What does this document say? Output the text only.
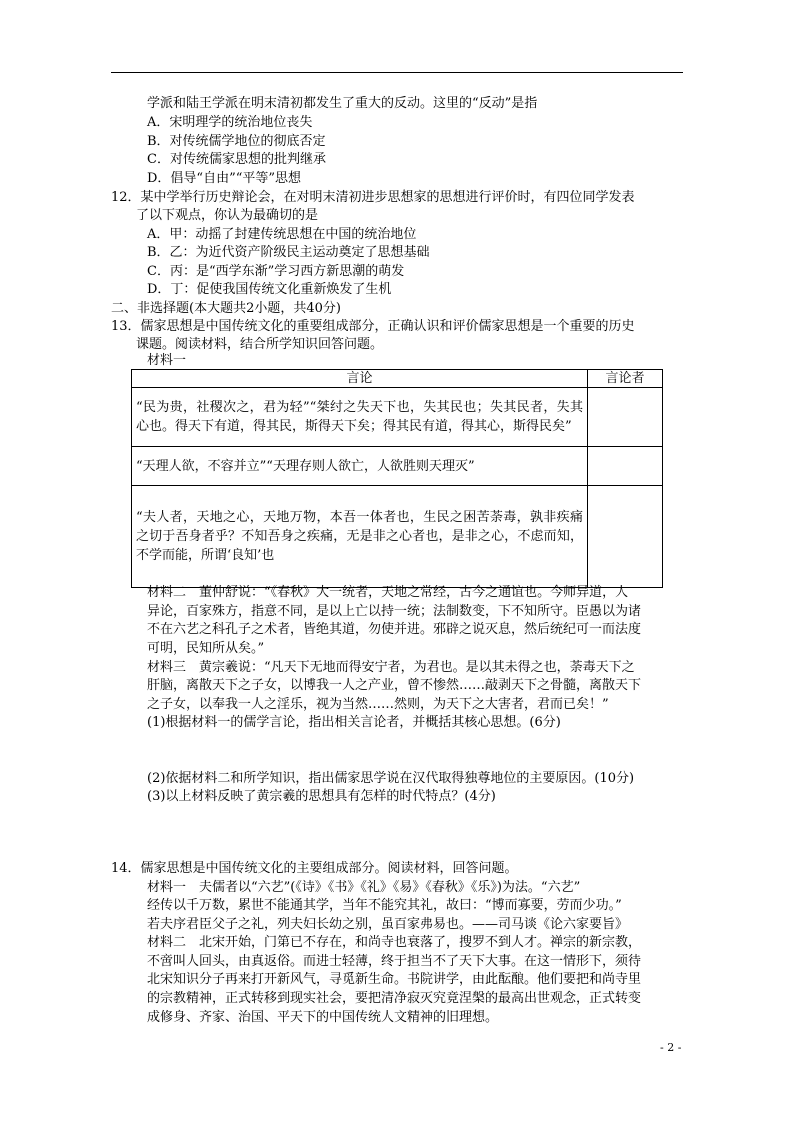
学派和陆王学派在明末清初都发生了重大的反动。这里的“反动”是指
A．宋明理学的统治地位丧失
B．对传统儒学地位的彻底否定
C．对传统儒家思想的批判继承
D．倡导“自由”“平等”思想
12．某中学举行历史辩论会，在对明末清初进步思想家的思想进行评价时，有四位同学发表
了以下观点，你认为最确切的是
A．甲：动摇了封建传统思想在中国的统治地位
B．乙：为近代资产阶级民主运动奠定了思想基础
C．丙：是“西学东渐”学习西方新思潮的萌发
D．丁：促使我国传统文化重新焕发了生机
二、非选择题(本大题共2小题，共40分)
13．儒家思想是中国传统文化的重要组成部分，正确认识和评价儒家思想是一个重要的历史
课题。阅读材料，结合所学知识回答问题。
材料一
言论	言论者
“民为贵，社稷次之，君为轻”“桀纣之失天下也，失其民也；失其民者，失其心也。得天下有道，得其民，斯得天下矣；得其民有道，得其心，斯得民矣”	
“天理人欲，不容并立”“天理存则人欲亡，人欲胜则天理灭”	
“夫人者，天地之心，天地万物，本吾一体者也，生民之困苦荼毒，孰非疾痛之切于吾身者乎？不知吾身之疾痛，无是非之心者也，是非之心，不虑而知，不学而能，所谓‘良知’也	
材料二　董仲舒说：“《春秋》大一统者，天地之常经，古今之通谊也。今师异道，人
异论，百家殊方，指意不同，是以上亡以持一统；法制数变，下不知所守。臣愚以为诸
不在六艺之科孔子之术者，皆绝其道，勿使并进。邪辟之说灭息，然后统纪可一而法度
可明，民知所从矣。”
材料三　黄宗羲说：“凡天下无地而得安宁者，为君也。是以其未得之也，荼毒天下之
肝脑，离散天下之子女，以博我一人之产业，曾不惨然……敲剥天下之骨髓，离散天下
之子女，以奉我一人之淫乐，视为当然……然则，为天下之大害者，君而已矣！”
(1)根据材料一的儒学言论，指出相关言论者，并概括其核心思想。(6分)
(2)依据材料二和所学知识，指出儒家思学说在汉代取得独尊地位的主要原因。(10分)
(3)以上材料反映了黄宗羲的思想具有怎样的时代特点？(4分)
14．儒家思想是中国传统文化的主要组成部分。阅读材料，回答问题。
材料一　夫儒者以“六艺”(《诗》《书》《礼》《易》《春秋》《乐》)为法。“六艺”
经传以千万数，累世不能通其学，当年不能究其礼，故曰：“博而寡要，劳而少功。”
若夫序君臣父子之礼，列夫妇长幼之别，虽百家弗易也。——司马谈《论六家要旨》
材料二　北宋开始，门第已不存在，和尚寺也衰落了，搜罗不到人才。禅宗的新宗教，
不啻叫人回头，由真返俗。而进士轻薄，终于担当不了天下大事。在这一情形下，须待
北宋知识分子再来打开新风气，寻觅新生命。书院讲学，由此酝酿。他们要把和尚寺里
的宗教精神，正式转移到现实社会，要把清净寂灭究竟涅槃的最高出世观念，正式转变
成修身、齐家、治国、平天下的中国传统人文精神的旧理想。
- 2 -
